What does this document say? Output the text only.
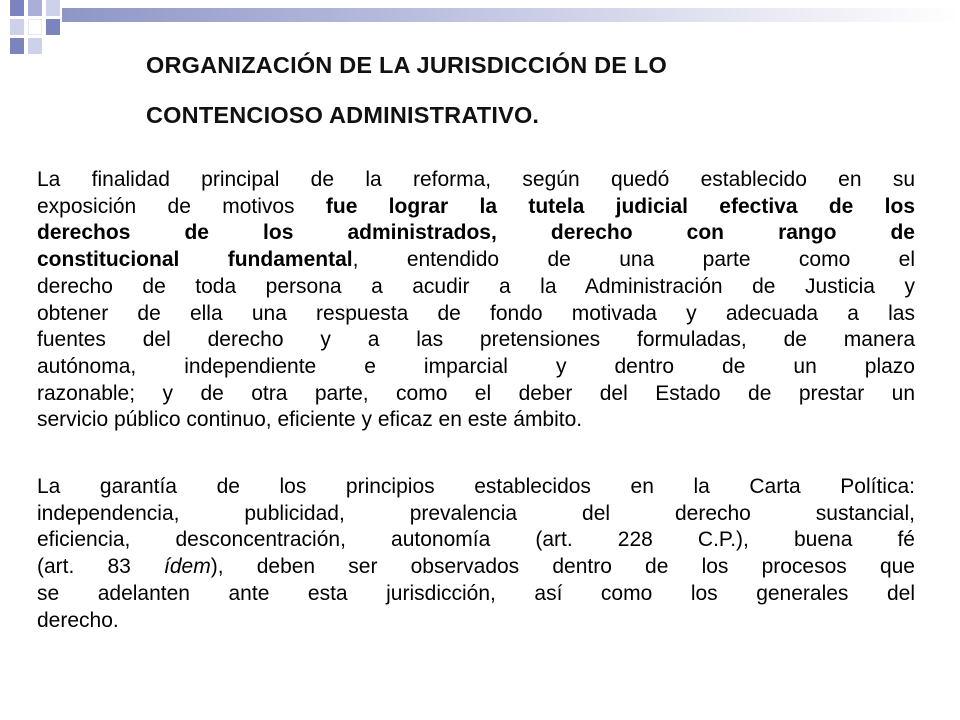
ORGANIZACIÓN DE LA JURISDICCIÓN DE LO
CONTENCIOSO ADMINISTRATIVO.

La finalidad principal de la reforma, según quedó establecido en su
exposición de motivos fue lograr la tutela judicial efectiva de los
derechos de los administrados, derecho con rango de
constitucional fundamental, entendido de una parte como el
derecho de toda persona a acudir a la Administración de Justicia y
obtener de ella una respuesta de fondo motivada y adecuada a las
fuentes del derecho y a las pretensiones formuladas, de manera
autónoma, independiente e imparcial y dentro de un plazo
razonable; y de otra parte, como el deber del Estado de prestar un
servicio público continuo, eficiente y eficaz en este ámbito.

La garantía de los principios establecidos en la Carta Política:
independencia, publicidad, prevalencia del derecho sustancial,
eficiencia, desconcentración, autonomía (art. 228 C.P.), buena fé
(art. 83 ídem), deben ser observados dentro de los procesos que
se adelanten ante esta jurisdicción, así como los generales del
derecho.
